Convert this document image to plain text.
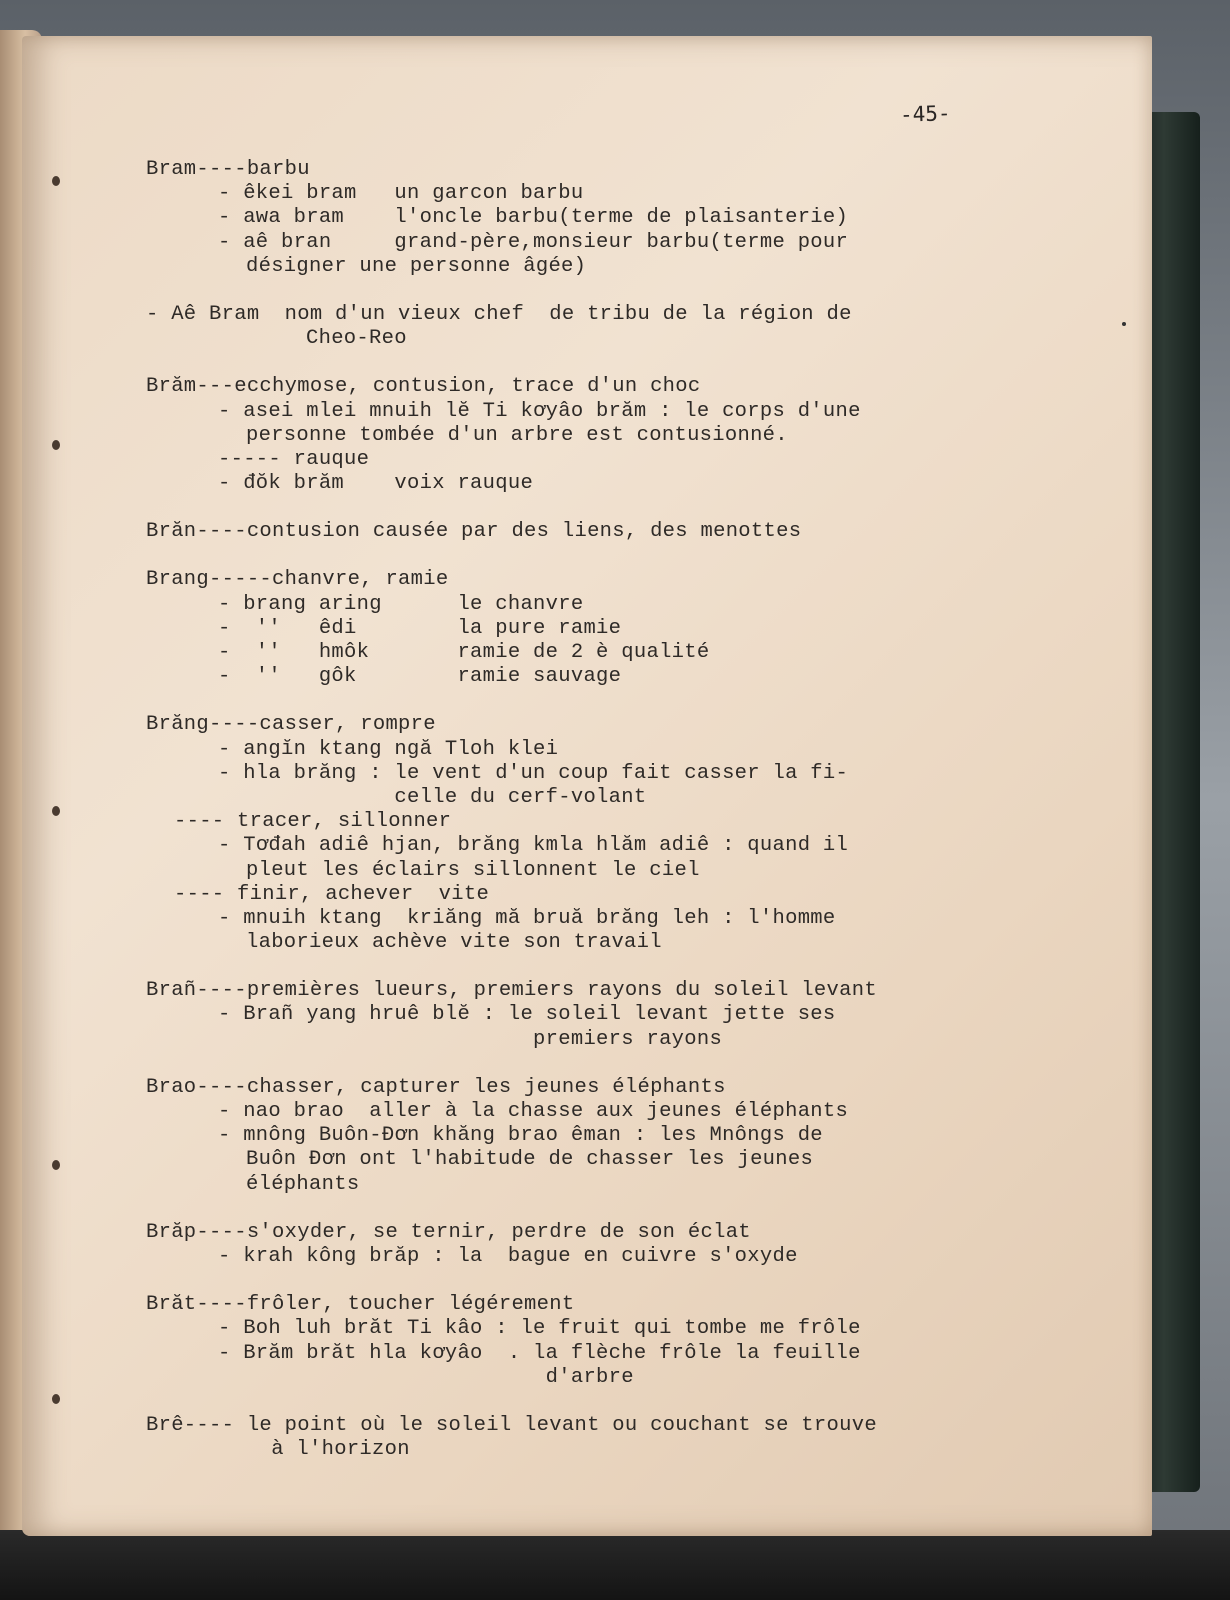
-45-
Bram----barbu
- êkei bram   un garcon barbu
- awa bram    l'oncle barbu(terme de plaisanterie)
- aê bran     grand-père,monsieur barbu(terme pour
désigner une personne âgée)
- Aê Bram  nom d'un vieux chef  de tribu de la région de
Cheo-Reo
Brăm---ecchymose, contusion, trace d'un choc
- asei mlei mnuih lĕ Ti kơyâo brăm : le corps d'une
personne tombée d'un arbre est contusionné.
----- rauque
- đŏk brăm    voix rauque
Brăn----contusion causée par des liens, des menottes
Brang-----chanvre, ramie
- brang aring      le chanvre
-  ''   êdi        la pure ramie
-  ''   hmôk       ramie de 2 è qualité
-  ''   gôk        ramie sauvage
Brăng----casser, rompre
- angĭn ktang ngă Tloh klei
- hla brăng : le vent d'un coup fait casser la fi-
celle du cerf-volant
---- tracer, sillonner
- Tơđah adiê hjan, brăng kmla hlăm adiê : quand il
pleut les éclairs sillonnent le ciel
---- finir, achever  vite
- mnuih ktang  kriăng mă bruă brăng leh : l'homme
laborieux achève vite son travail
Brañ----premières lueurs, premiers rayons du soleil levant
- Brañ yang hruê blĕ : le soleil levant jette ses
premiers rayons
Brao----chasser, capturer les jeunes éléphants
- nao brao  aller à la chasse aux jeunes éléphants
- mnông Buôn-Đơn khăng brao êman : les Mnôngs de
Buôn Đơn ont l'habitude de chasser les jeunes
éléphants
Brăp----s'oxyder, se ternir, perdre de son éclat
- krah kông brăp : la  bague en cuivre s'oxyde
Brăt----frôler, toucher légérement
- Boh luh brăt Ti kâo : le fruit qui tombe me frôle
- Brăm brăt hla kơyâo  . la flèche frôle la feuille
d'arbre
Brê---- le point où le soleil levant ou couchant se trouve
à l'horizon
